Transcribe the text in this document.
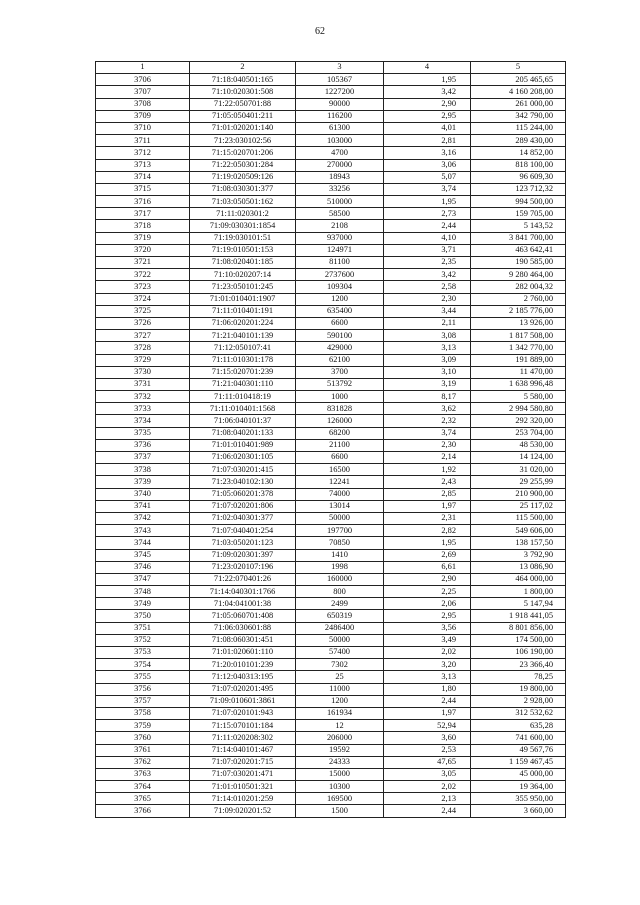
62
1	2	3	4	5
3706	71:18:040501:165	105367	1,95	205 465,65
3707	71:10:020301:508	1227200	3,42	4 160 208,00
3708	71:22:050701:88	90000	2,90	261 000,00
3709	71:05:050401:211	116200	2,95	342 790,00
3710	71:01:020201:140	61300	4,01	115 244,00
3711	71:23:030102:56	103000	2,81	289 430,00
3712	71:15:020701:206	4700	3,16	14 852,00
3713	71:22:050301:284	270000	3,06	818 100,00
3714	71:19:020509:126	18943	5,07	96 609,30
3715	71:08:030301:377	33256	3,74	123 712,32
3716	71:03:050501:162	510000	1,95	994 500,00
3717	71:11:020301:2	58500	2,73	159 705,00
3718	71:09:030301:1854	2108	2,44	5 143,52
3719	71:19:030101:51	937000	4,10	3 841 700,00
3720	71:19:010501:153	124971	3,71	463 642,41
3721	71:08:020401:185	81100	2,35	190 585,00
3722	71:10:020207:14	2737600	3,42	9 280 464,00
3723	71:23:050101:245	109304	2,58	282 004,32
3724	71:01:010401:1907	1200	2,30	2 760,00
3725	71:11:010401:191	635400	3,44	2 185 776,00
3726	71:06:020201:224	6600	2,11	13 926,00
3727	71:21:040101:139	590100	3,08	1 817 508,00
3728	71:12:050107:41	429000	3,13	1 342 770,00
3729	71:11:010301:178	62100	3,09	191 889,00
3730	71:15:020701:239	3700	3,10	11 470,00
3731	71:21:040301:110	513792	3,19	1 638 996,48
3732	71:11:010418:19	1000	8,17	5 580,00
3733	71:11:010401:1568	831828	3,62	2 994 580,80
3734	71:06:040101:37	126000	2,32	292 320,00
3735	71:08:040201:133	68200	3,74	253 704,00
3736	71:01:010401:989	21100	2,30	48 530,00
3737	71:06:020301:105	6600	2,14	14 124,00
3738	71:07:030201:415	16500	1,92	31 020,00
3739	71:23:040102:130	12241	2,43	29 255,99
3740	71:05:060201:378	74000	2,85	210 900,00
3741	71:07:020201:806	13014	1,97	25 117,02
3742	71:02:040301:377	50000	2,31	115 500,00
3743	71:07:040401:254	197700	2,82	549 606,00
3744	71:03:050201:123	70850	1,95	138 157,50
3745	71:09:020301:397	1410	2,69	3 792,90
3746	71:23:020107:196	1998	6,61	13 086,90
3747	71:22:070401:26	160000	2,90	464 000,00
3748	71:14:040301:1766	800	2,25	1 800,00
3749	71:04:041001:38	2499	2,06	5 147,94
3750	71:05:060701:408	650319	2,95	1 918 441,05
3751	71:06:030601:88	2486400	3,56	8 801 856,00
3752	71:08:060301:451	50000	3,49	174 500,00
3753	71:01:020601:110	57400	2,02	106 190,00
3754	71:20:010101:239	7302	3,20	23 366,40
3755	71:12:040313:195	25	3,13	78,25
3756	71:07:020201:495	11000	1,80	19 800,00
3757	71:09:010601:3861	1200	2,44	2 928,00
3758	71:07:020101:943	161934	1,97	312 532,62
3759	71:15:070101:184	12	52,94	635,28
3760	71:11:020208:302	206000	3,60	741 600,00
3761	71:14:040101:467	19592	2,53	49 567,76
3762	71:07:020201:715	24333	47,65	1 159 467,45
3763	71:07:030201:471	15000	3,05	45 000,00
3764	71:01:010501:321	10300	2,02	19 364,00
3765	71:14:010201:259	169500	2,13	355 950,00
3766	71:09:020201:52	1500	2,44	3 660,00
